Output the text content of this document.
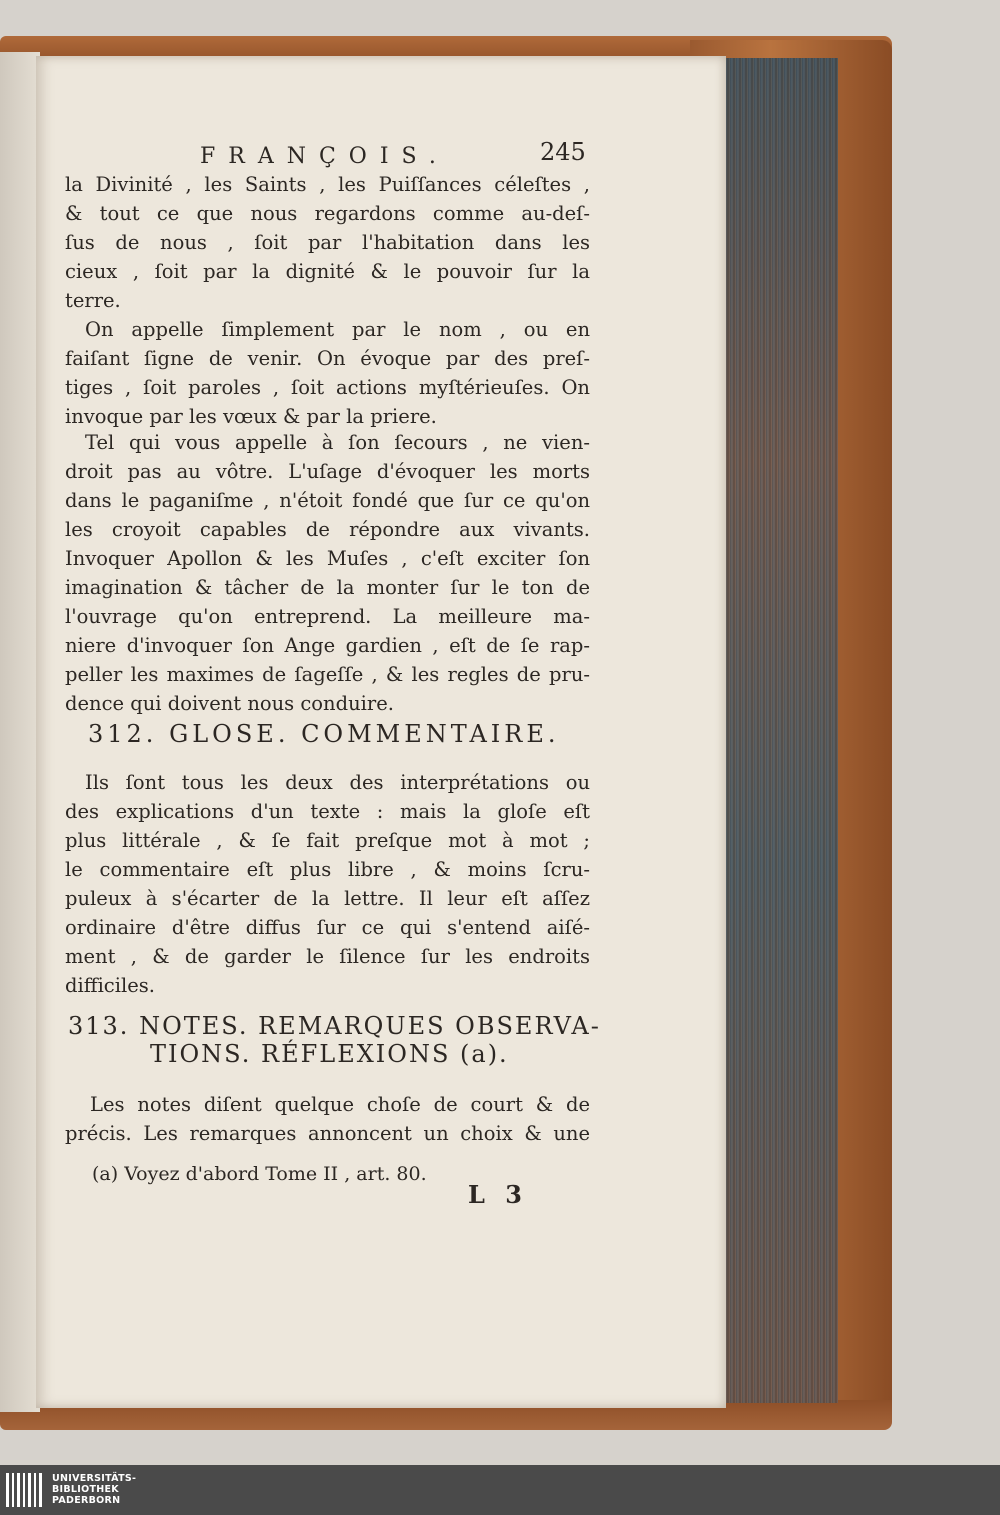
FRANÇOIS.	245
la Divinité , les Saints , les Puiſſances céleſtes ,
& tout ce que nous regardons comme au-deſ-
ſus de nous , ſoit par l'habitation dans les
cieux , ſoit par la dignité & le pouvoir ſur la
terre.
On appelle ſimplement par le nom , ou en
faiſant ſigne de venir. On évoque par des preſ-
tiges , ſoit paroles , ſoit actions myſtérieuſes. On
invoque par les vœux & par la priere.
Tel qui vous appelle à ſon ſecours , ne vien-
droit pas au vôtre. L'uſage d'évoquer les morts
dans le paganiſme , n'étoit fondé que ſur ce qu'on
les croyoit capables de répondre aux vivants.
Invoquer Apollon & les Muſes , c'eſt exciter ſon
imagination & tâcher de la monter ſur le ton de
l'ouvrage qu'on entreprend. La meilleure ma-
niere d'invoquer ſon Ange gardien , eſt de ſe rap-
peller les maximes de ſageſſe , & les regles de pru-
dence qui doivent nous conduire.
312. GLOSE. COMMENTAIRE.
Ils ſont tous les deux des interprétations ou
des explications d'un texte : mais la gloſe eſt
plus littérale , & ſe fait preſque mot à mot ;
le commentaire eſt plus libre , & moins ſcru-
puleux à s'écarter de la lettre. Il leur eſt aſſez
ordinaire d'être diffus ſur ce qui s'entend aiſé-
ment , & de garder le ſilence ſur les endroits
difficiles.
313. NOTES. REMARQUES OBSERVA-
TIONS. RÉFLEXIONS (a).
Les notes diſent quelque choſe de court & de
précis. Les remarques annoncent un choix & une
(a) Voyez d'abord Tome II , art. 80.
L 3
UNIVERSITÄTS-
BIBLIOTHEK
PADERBORN
